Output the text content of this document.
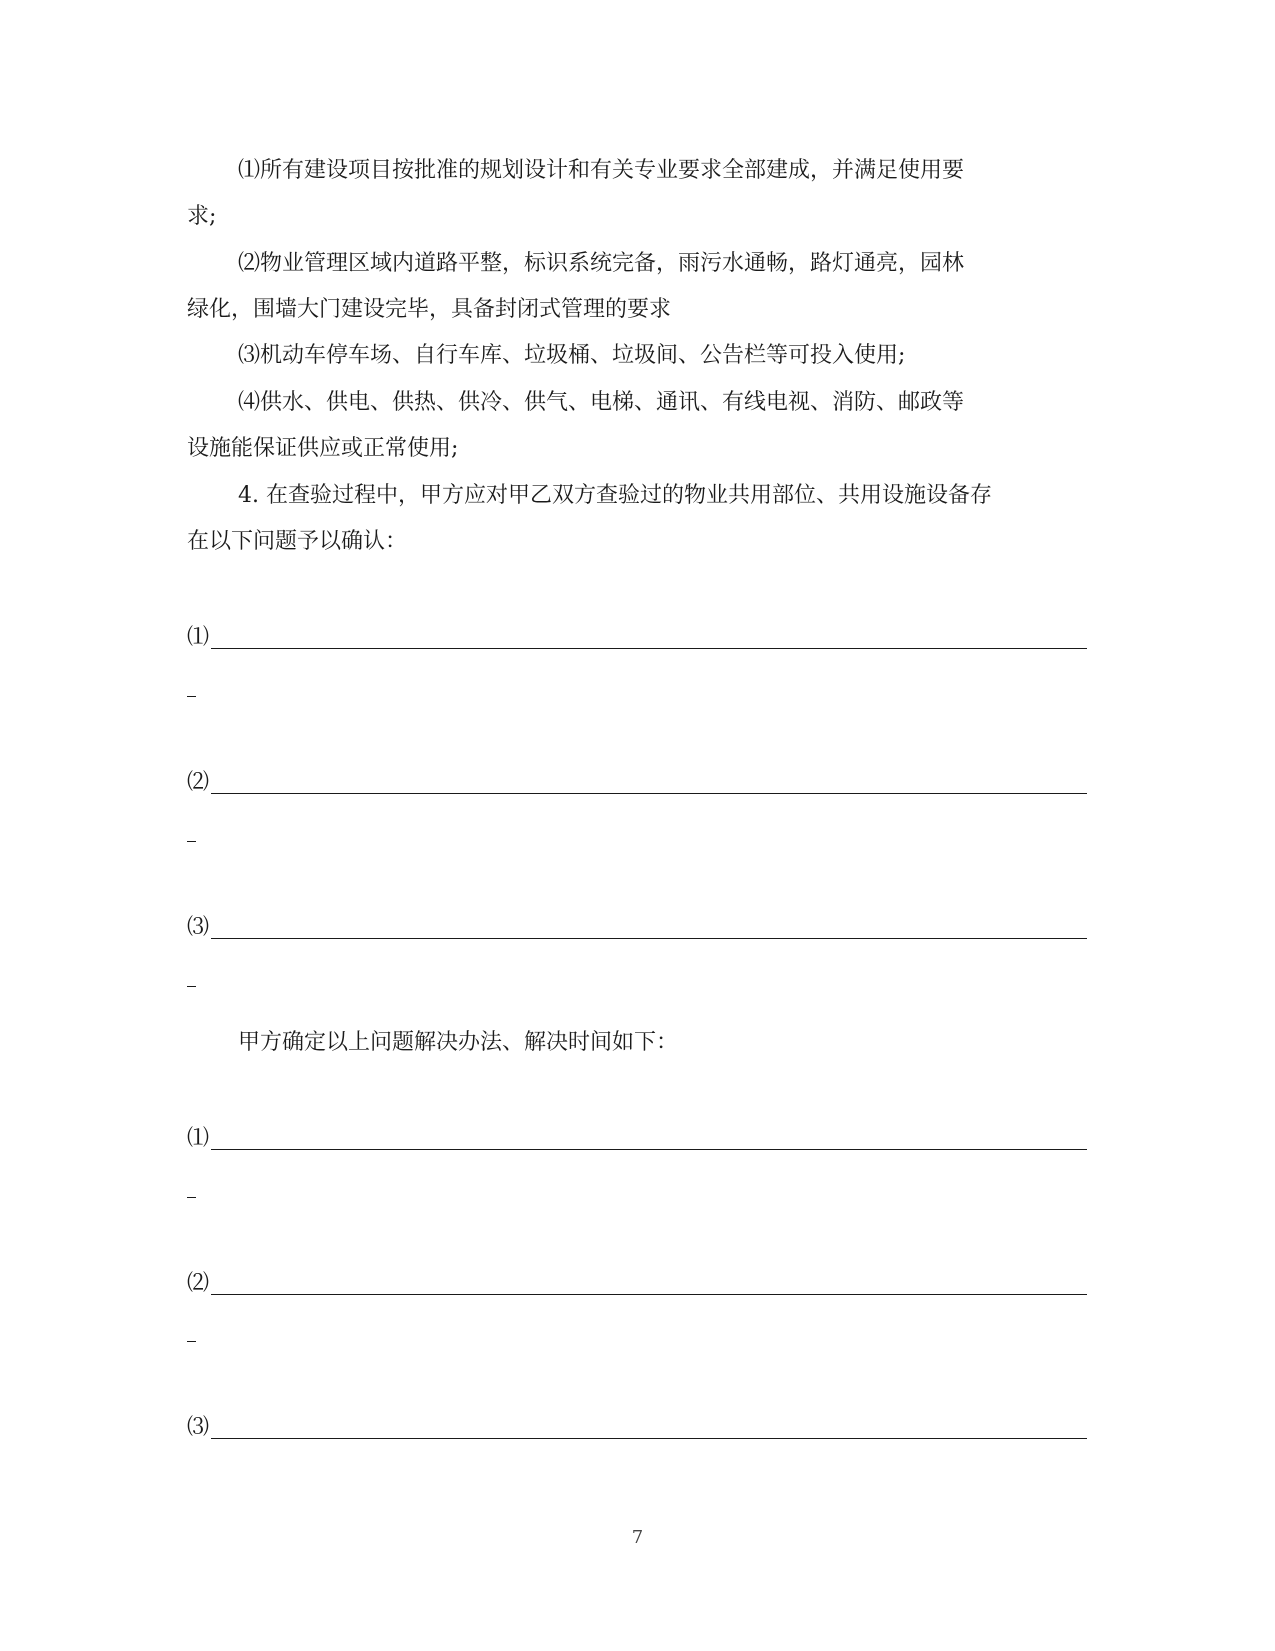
⑴所有建设项目按批准的规划设计和有关专业要求全部建成，并满足使用要
求;
⑵物业管理区域内道路平整，标识系统完备，雨污水通畅，路灯通亮，园林
绿化，围墙大门建设完毕，具备封闭式管理的要求
⑶机动车停车场、自行车库、垃圾桶、垃圾间、公告栏等可投入使用;
⑷供水、供电、供热、供冷、供气、电梯、通讯、有线电视、消防、邮政等
设施能保证供应或正常使用;
4. 在查验过程中，甲方应对甲乙双方查验过的物业共用部位、共用设施设备存
在以下问题予以确认：
⑴
⑵
⑶
甲方确定以上问题解决办法、解决时间如下：
⑴
⑵
⑶
7
